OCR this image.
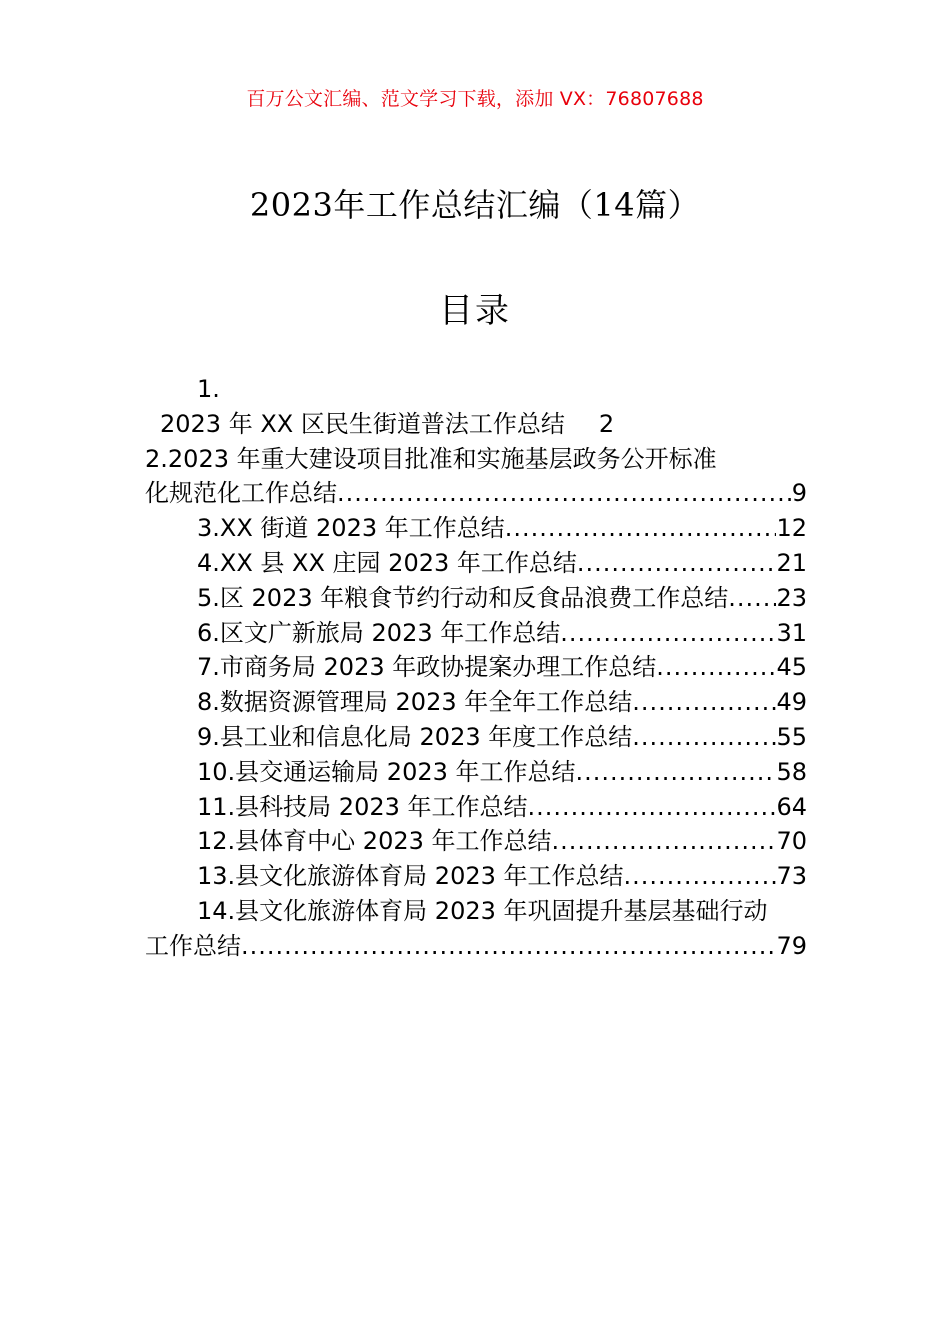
百万公文汇编、范文学习下载，添加 VX：76807688
2023年工作总结汇编（14篇）
目录
1.
2023 年 XX 区民生街道普法工作总结 2
2.2023 年重大建设项目批准和实施基层政务公开标准
化规范化工作总结 .....	9
3.XX 街道 2023 年工作总结 .....	12
4.XX 县 XX 庄园 2023 年工作总结 .....	21
5.区 2023 年粮食节约行动和反食品浪费工作总结 ..... 23
6.区文广新旅局 2023 年工作总结 .....	31
7.市商务局 2023 年政协提案办理工作总结 .....	45
8.数据资源管理局 2023 年全年工作总结 .....	49
9.县工业和信息化局 2023 年度工作总结 .....	55
10.县交通运输局 2023 年工作总结 .....	58
11.县科技局 2023 年工作总结 .....	64
12.县体育中心 2023 年工作总结 .....	70
13.县文化旅游体育局 2023 年工作总结 .....	73
14.县文化旅游体育局 2023 年巩固提升基层基础行动
工作总结 .....	79
